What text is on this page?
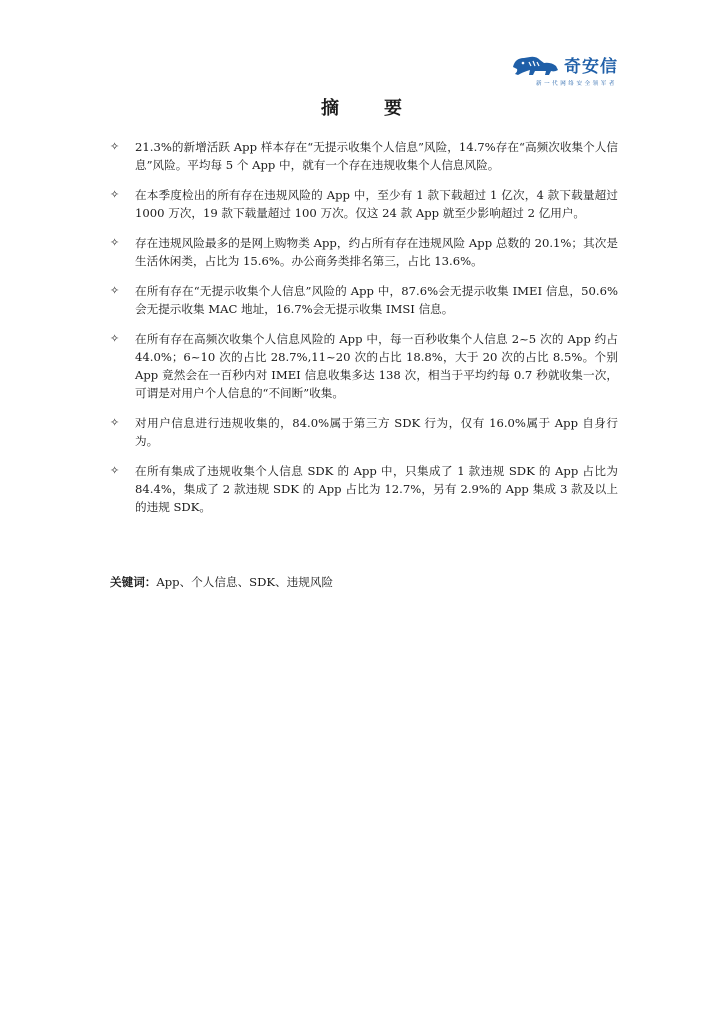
奇安信
新一代网络安全领军者
摘 要
✧ 21.3%的新增活跃 App 样本存在“无提示收集个人信息”风险，14.7%存在“高频次收集个人信息”风险。平均每 5 个 App 中，就有一个存在违规收集个人信息风险。
✧ 在本季度检出的所有存在违规风险的 App 中，至少有 1 款下载超过 1 亿次，4 款下载量超过 1000 万次，19 款下载量超过 100 万次。仅这 24 款 App 就至少影响超过 2 亿用户。
✧ 存在违规风险最多的是网上购物类 App，约占所有存在违规风险 App 总数的 20.1%；其次是生活休闲类，占比为 15.6%。办公商务类排名第三，占比 13.6%。
✧ 在所有存在“无提示收集个人信息”风险的 App 中，87.6%会无提示收集 IMEI 信息，50.6%会无提示收集 MAC 地址，16.7%会无提示收集 IMSI 信息。
✧ 在所有存在高频次收集个人信息风险的 App 中，每一百秒收集个人信息 2~5 次的 App 约占 44.0%；6~10 次的占比 28.7%,11~20 次的占比 18.8%，大于 20 次的占比 8.5%。个别 App 竟然会在一百秒内对 IMEI 信息收集多达 138 次，相当于平均约每 0.7 秒就收集一次，可谓是对用户个人信息的“不间断”收集。
✧ 对用户信息进行违规收集的，84.0%属于第三方 SDK 行为，仅有 16.0%属于 App 自身行为。
✧ 在所有集成了违规收集个人信息 SDK 的 App 中，只集成了 1 款违规 SDK 的 App 占比为 84.4%，集成了 2 款违规 SDK 的 App 占比为 12.7%，另有 2.9%的 App 集成 3 款及以上的违规 SDK。
关键词：App、个人信息、SDK、违规风险
